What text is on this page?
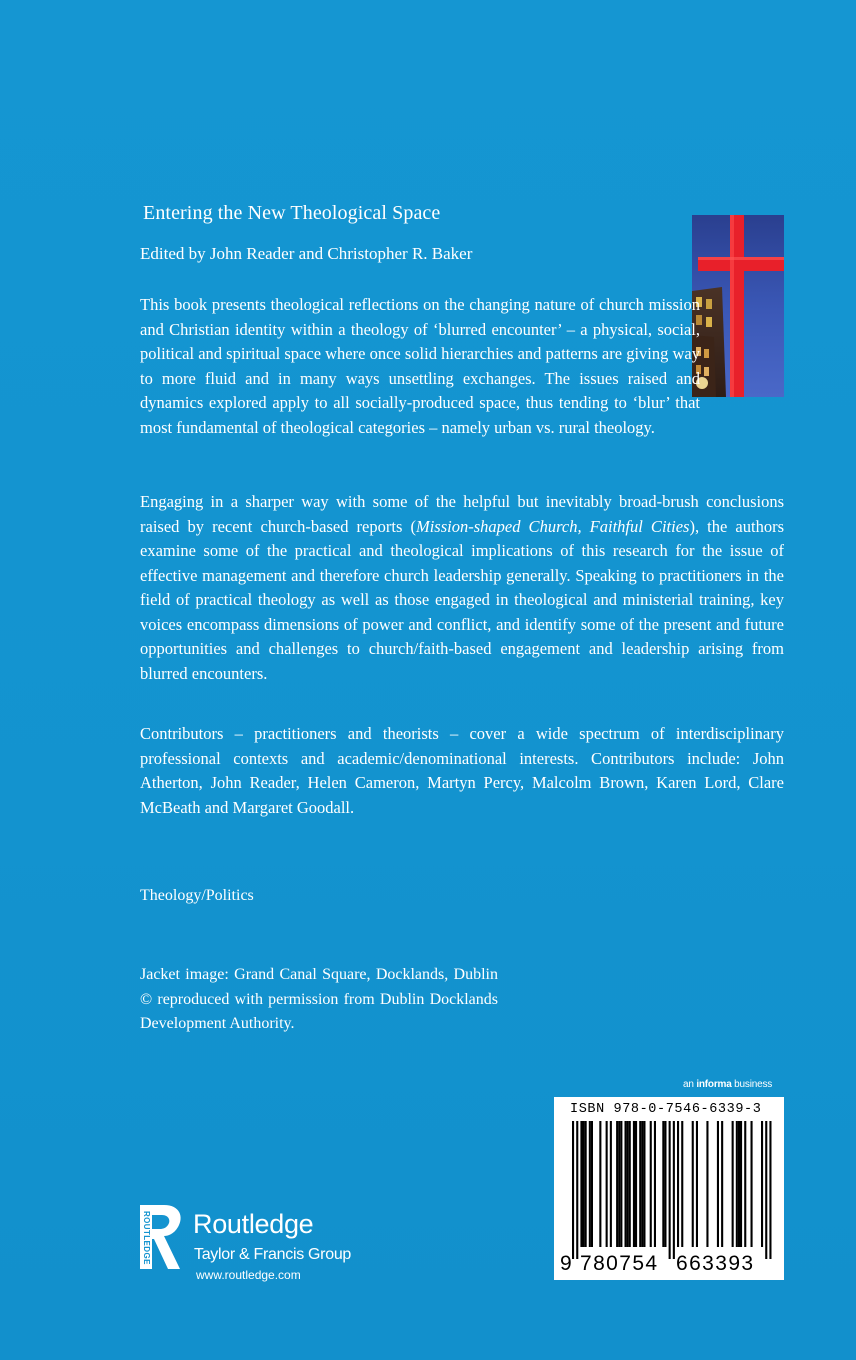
Entering the New Theological Space
Edited by John Reader and Christopher R. Baker

This book presents theological reflections on the changing nature of church mission and Christian identity within a theology of ‘blurred encounter’ – a physical, social, political and spiritual space where once solid hierarchies and patterns are giving way to more fluid and in many ways unsettling exchanges. The issues raised and dynamics explored apply to all socially-produced space, thus tending to ‘blur’ that most fundamental of theological categories – namely urban vs. rural theology.

Engaging in a sharper way with some of the helpful but inevitably broad-brush conclusions raised by recent church-based reports (Mission-shaped Church, Faithful Cities), the authors examine some of the practical and theological implications of this research for the issue of effective management and therefore church leadership generally. Speaking to practitioners in the field of practical theology as well as those engaged in theological and ministerial training, key voices encompass dimensions of power and conflict, and identify some of the present and future opportunities and challenges to church/faith-based engagement and leadership arising from blurred encounters.

Contributors – practitioners and theorists – cover a wide spectrum of interdisciplinary professional contexts and academic/denominational interests. Contributors include: John Atherton, John Reader, Helen Cameron, Martyn Percy, Malcolm Brown, Karen Lord, Clare McBeath and Margaret Goodall.

Theology/Politics
Jacket image: Grand Canal Square, Docklands, Dublin © reproduced with permission from Dublin Docklands Development Authority.
an informa business
ISBN 978-0-7546-6339-3
9 780754 663393
ROUTLEDGE Routledge
Taylor & Francis Group
www.routledge.com
